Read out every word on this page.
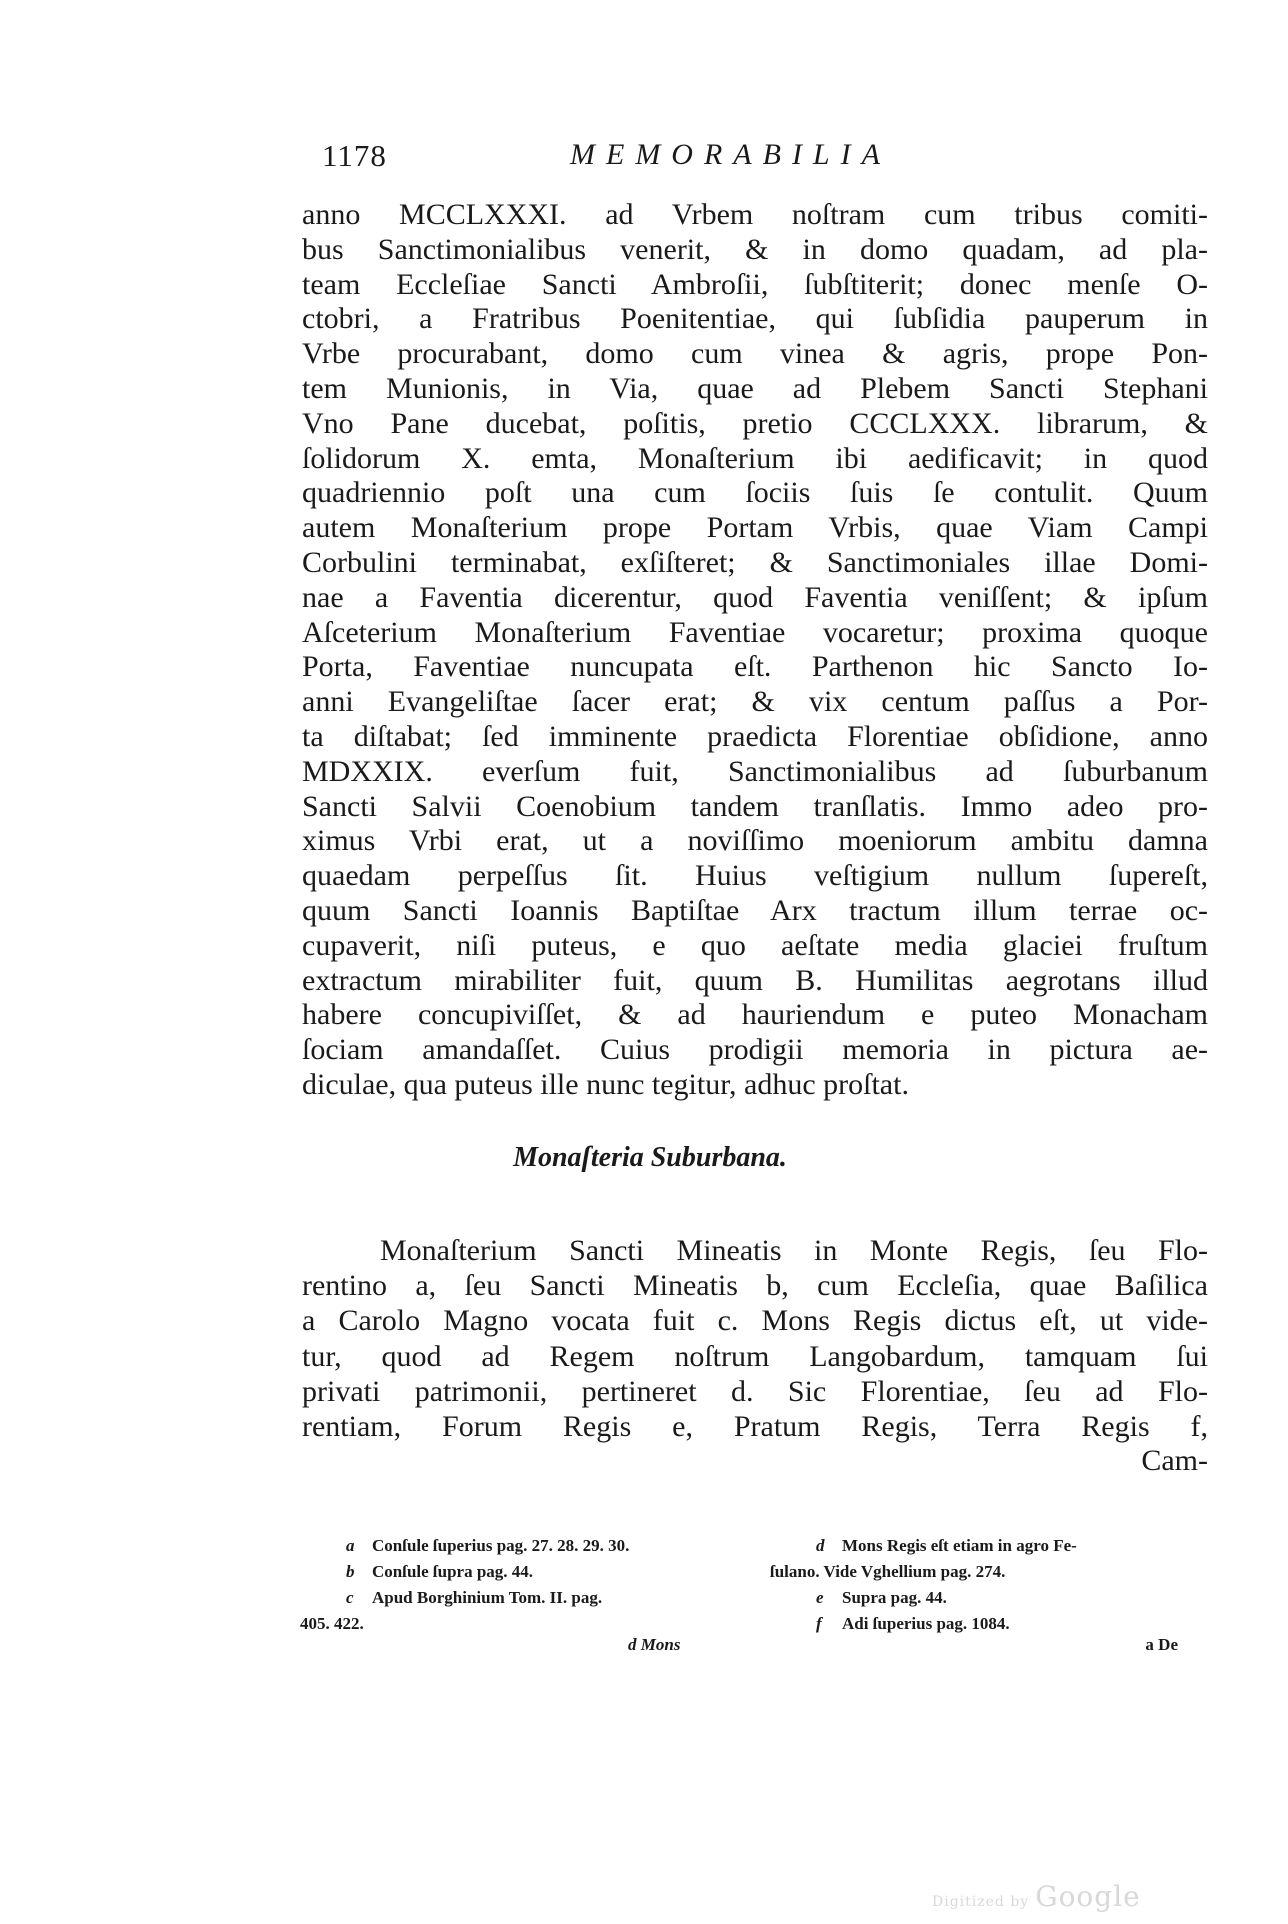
1178	MEMORABILIA
anno MCCLXXXI. ad Vrbem noſtram cum tribus comiti-
bus Sanctimonialibus venerit, & in domo quadam, ad pla-
team Eccleſiae Sancti Ambroſii, ſubſtiterit; donec menſe O-
ctobri, a Fratribus Poenitentiae, qui ſubſidia pauperum in
Vrbe procurabant, domo cum vinea & agris, prope Pon-
tem Munionis, in Via, quae ad Plebem Sancti Stephani
Vno Pane ducebat, poſitis, pretio CCCLXXX. librarum, &
ſolidorum X. emta, Monaſterium ibi aedificavit; in quod
quadriennio poſt una cum ſociis ſuis ſe contulit. Quum
autem Monaſterium prope Portam Vrbis, quae Viam Campi
Corbulini terminabat, exſiſteret; & Sanctimoniales illae Domi-
nae a Faventia dicerentur, quod Faventia veniſſent; & ipſum
Aſceterium Monaſterium Faventiae vocaretur; proxima quoque
Porta, Faventiae nuncupata eſt. Parthenon hic Sancto Io-
anni Evangeliſtae ſacer erat; & vix centum paſſus a Por-
ta diſtabat; ſed imminente praedicta Florentiae obſidione, anno
MDXXIX. everſum fuit, Sanctimonialibus ad ſuburbanum
Sancti Salvii Coenobium tandem tranſlatis. Immo adeo pro-
ximus Vrbi erat, ut a noviſſimo moeniorum ambitu damna
quaedam perpeſſus ſit. Huius veſtigium nullum ſupereſt,
quum Sancti Ioannis Baptiſtae Arx tractum illum terrae oc-
cupaverit, niſi puteus, e quo aeſtate media glaciei fruſtum
extractum mirabiliter fuit, quum B. Humilitas aegrotans illud
habere concupiviſſet, & ad hauriendum e puteo Monacham
ſociam amandaſſet. Cuius prodigii memoria in pictura ae-
diculae, qua puteus ille nunc tegitur, adhuc proſtat.
Monaſteria Suburbana.
Monaſterium Sancti Mineatis in Monte Regis, ſeu Flo-
rentino a, ſeu Sancti Mineatis b, cum Eccleſia, quae Baſilica
a Carolo Magno vocata fuit c. Mons Regis dictus eſt, ut vide-
tur, quod ad Regem noſtrum Langobardum, tamquam ſui
privati patrimonii, pertineret d. Sic Florentiae, ſeu ad Flo-
rentiam, Forum Regis e, Pratum Regis, Terra Regis f,
Cam-
a Conſule ſuperius pag. 27. 28. 29. 30.
b Conſule ſupra pag. 44.
c Apud Borghinium Tom. II. pag.
405. 422.
d Mons Regis eſt etiam in agro Fe-
ſulano. Vide Vghellium pag. 274.
e Supra pag. 44.
f Adi ſuperius pag. 1084.
d Mons	a De
Digitized by Google
